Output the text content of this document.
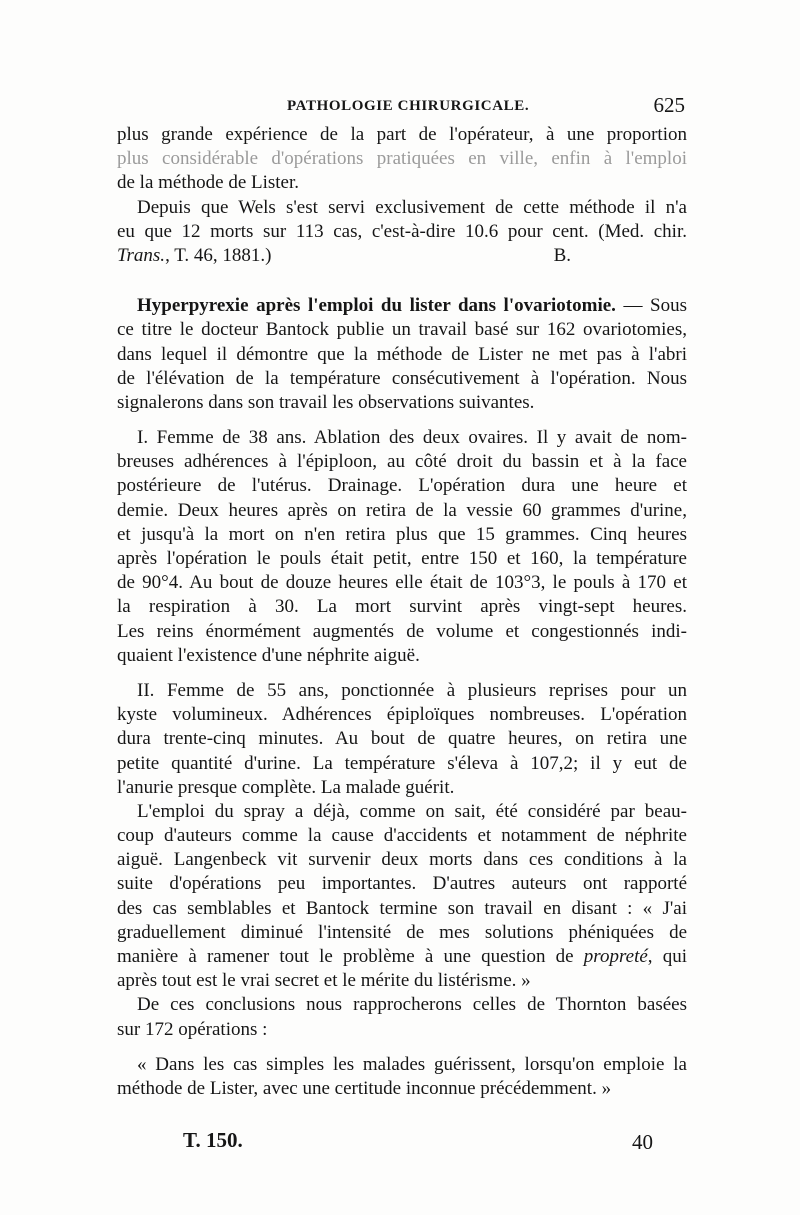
PATHOLOGIE CHIRURGICALE.	625
plus grande expérience de la part de l'opérateur, à une proportion
plus considérable d'opérations pratiquées en ville, enfin à l'emploi
de la méthode de Lister.
Depuis que Wels s'est servi exclusivement de cette méthode il n'a
eu que 12 morts sur 113 cas, c'est-à-dire 10.6 pour cent. (Med. chir.
Trans., T. 46, 1881.)	B.
Hyperpyrexie après l'emploi du lister dans l'ovariotomie. — Sous
ce titre le docteur Bantock publie un travail basé sur 162 ovariotomies,
dans lequel il démontre que la méthode de Lister ne met pas à l'abri
de l'élévation de la température consécutivement à l'opération. Nous
signalerons dans son travail les observations suivantes.
I. Femme de 38 ans. Ablation des deux ovaires. Il y avait de nom-
breuses adhérences à l'épiploon, au côté droit du bassin et à la face
postérieure de l'utérus. Drainage. L'opération dura une heure et
demie. Deux heures après on retira de la vessie 60 grammes d'urine,
et jusqu'à la mort on n'en retira plus que 15 grammes. Cinq heures
après l'opération le pouls était petit, entre 150 et 160, la température
de 90°4. Au bout de douze heures elle était de 103°3, le pouls à 170 et
la respiration à 30. La mort survint après vingt-sept heures.
Les reins énormément augmentés de volume et congestionnés indi-
quaient l'existence d'une néphrite aiguë.
II. Femme de 55 ans, ponctionnée à plusieurs reprises pour un
kyste volumineux. Adhérences épiploïques nombreuses. L'opération
dura trente-cinq minutes. Au bout de quatre heures, on retira une
petite quantité d'urine. La température s'éleva à 107,2; il y eut de
l'anurie presque complète. La malade guérit.
L'emploi du spray a déjà, comme on sait, été considéré par beau-
coup d'auteurs comme la cause d'accidents et notamment de néphrite
aiguë. Langenbeck vit survenir deux morts dans ces conditions à la
suite d'opérations peu importantes. D'autres auteurs ont rapporté
des cas semblables et Bantock termine son travail en disant : « J'ai
graduellement diminué l'intensité de mes solutions phéniquées de
manière à ramener tout le problème à une question de propreté, qui
après tout est le vrai secret et le mérite du listérisme. »
De ces conclusions nous rapprocherons celles de Thornton basées
sur 172 opérations :
« Dans les cas simples les malades guérissent, lorsqu'on emploie la
méthode de Lister, avec une certitude inconnue précédemment. »
T. 150.	40
